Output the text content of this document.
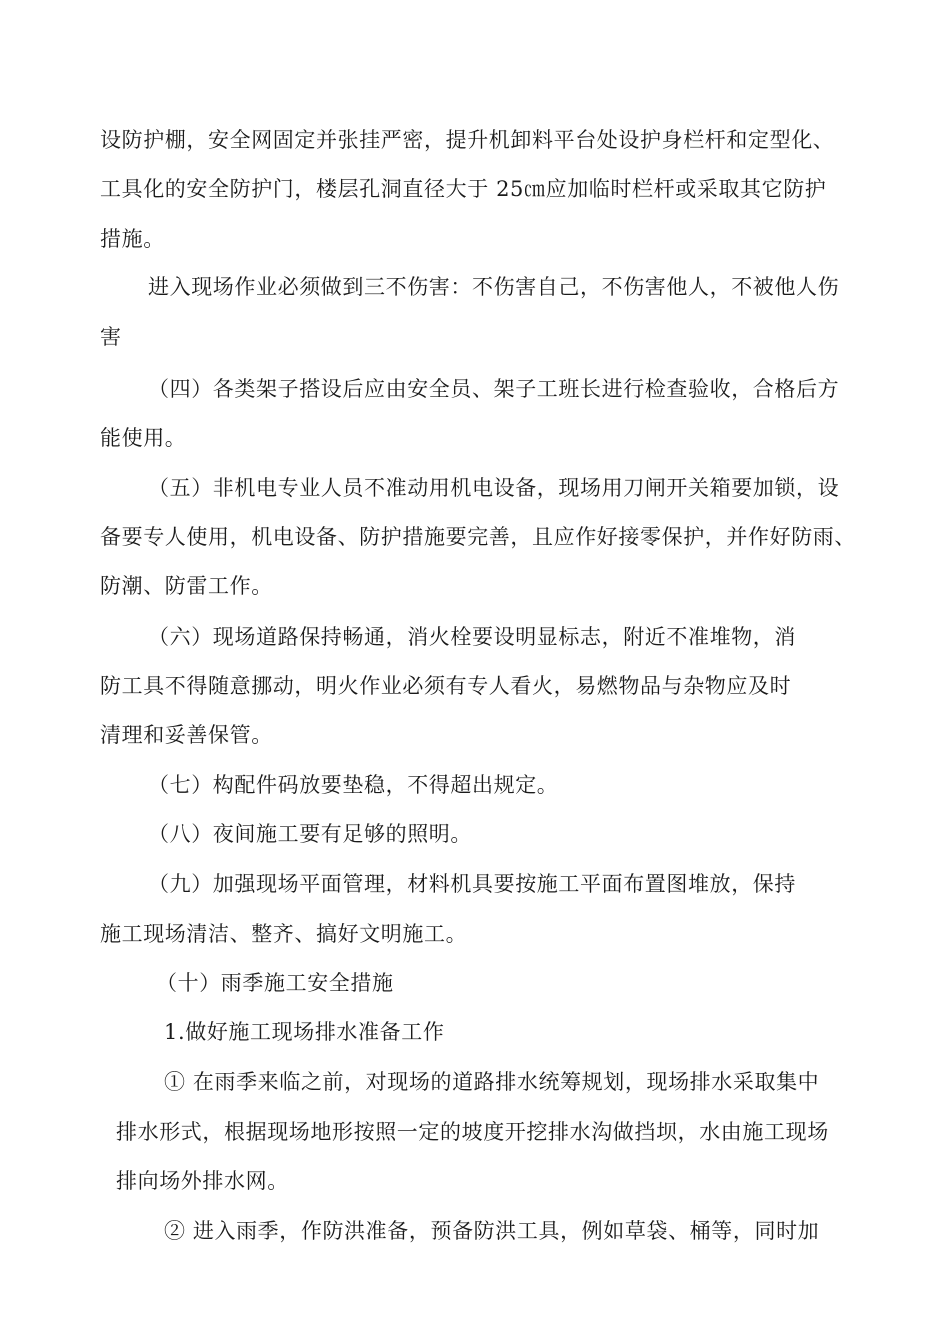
设防护棚，安全网固定并张挂严密，提升机卸料平台处设护身栏杆和定型化、
工具化的安全防护门，楼层孔洞直径大于 25㎝应加临时栏杆或采取其它防护
措施。
进入现场作业必须做到三不伤害：不伤害自己，不伤害他人，不被他人伤
害
（四）各类架子搭设后应由安全员、架子工班长进行检查验收，合格后方
能使用。
（五）非机电专业人员不准动用机电设备，现场用刀闸开关箱要加锁，设
备要专人使用，机电设备、防护措施要完善，且应作好接零保护，并作好防雨、
防潮、防雷工作。
（六）现场道路保持畅通，消火栓要设明显标志，附近不准堆物，消
防工具不得随意挪动，明火作业必须有专人看火，易燃物品与杂物应及时
清理和妥善保管。
（七）构配件码放要垫稳，不得超出规定。
（八）夜间施工要有足够的照明。
（九）加强现场平面管理，材料机具要按施工平面布置图堆放，保持
施工现场清洁、整齐、搞好文明施工。
（十）雨季施工安全措施
1.做好施工现场排水准备工作
① 在雨季来临之前，对现场的道路排水统筹规划，现场排水采取集中
排水形式，根据现场地形按照一定的坡度开挖排水沟做挡坝，水由施工现场
排向场外排水网。
② 进入雨季，作防洪准备，预备防洪工具，例如草袋、桶等，同时加
